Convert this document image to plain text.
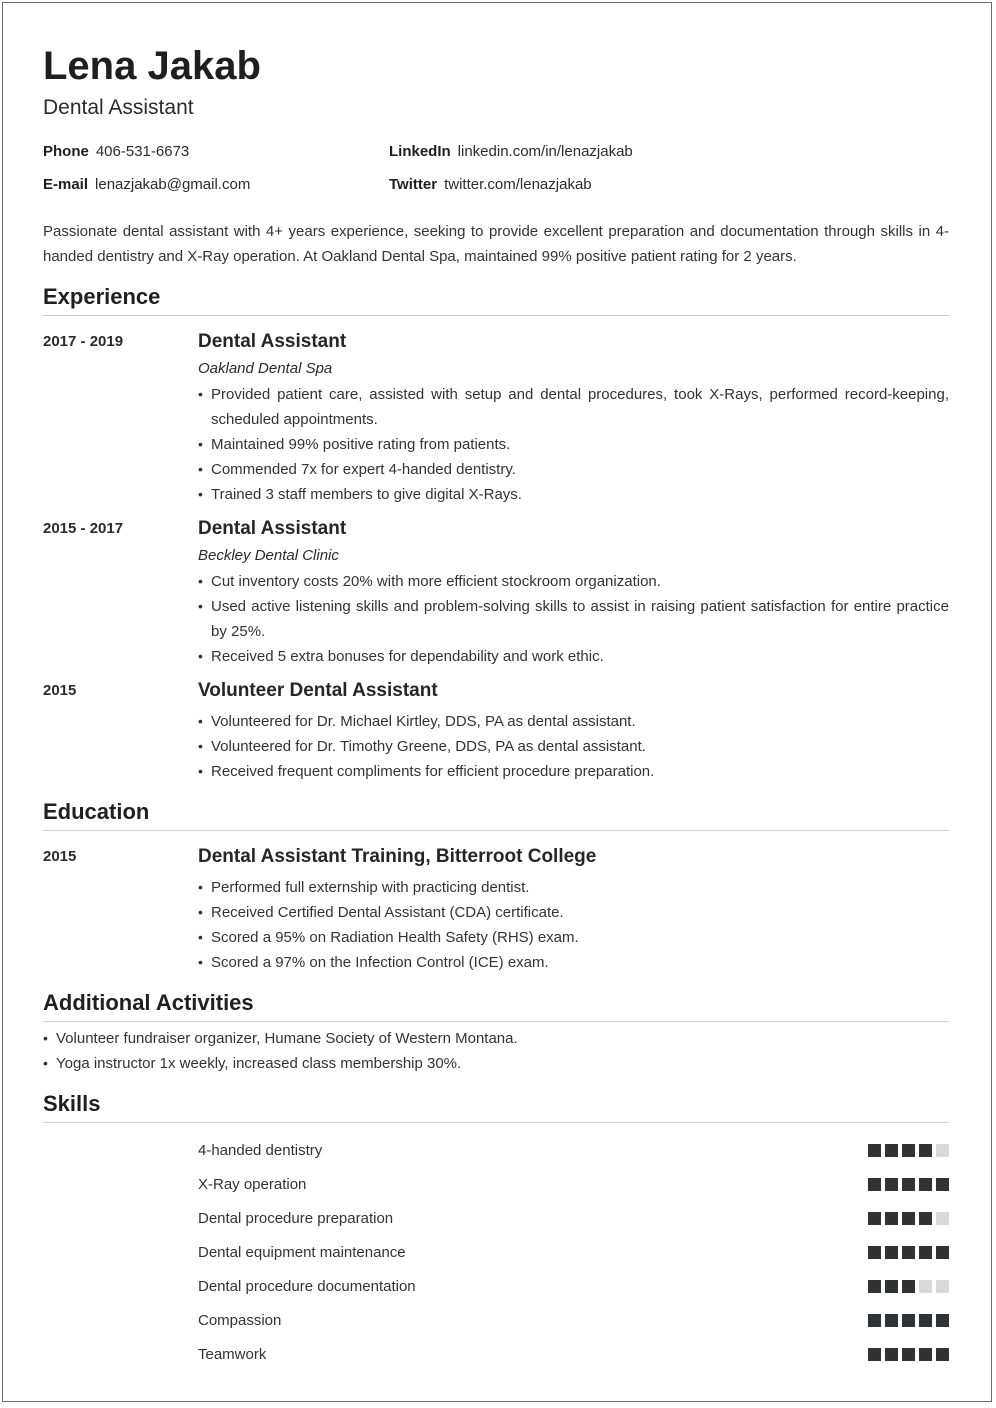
Lena Jakab
Dental Assistant
Phone 406-531-6673	LinkedIn linkedin.com/in/lenazjakab
E-mail lenazjakab@gmail.com	Twitter twitter.com/lenazjakab
Passionate dental assistant with 4+ years experience, seeking to provide excellent preparation and documentation through skills in 4-handed dentistry and X-Ray operation. At Oakland Dental Spa, maintained 99% positive patient rating for 2 years.
Experience
2017 - 2019	Dental Assistant
Oakland Dental Spa
• Provided patient care, assisted with setup and dental procedures, took X-Rays, performed record-keeping, scheduled appointments.
• Maintained 99% positive rating from patients.
• Commended 7x for expert 4-handed dentistry.
• Trained 3 staff members to give digital X-Rays.
2015 - 2017	Dental Assistant
Beckley Dental Clinic
• Cut inventory costs 20% with more efficient stockroom organization.
• Used active listening skills and problem-solving skills to assist in raising patient satisfaction for entire practice by 25%.
• Received 5 extra bonuses for dependability and work ethic.
2015	Volunteer Dental Assistant
• Volunteered for Dr. Michael Kirtley, DDS, PA as dental assistant.
• Volunteered for Dr. Timothy Greene, DDS, PA as dental assistant.
• Received frequent compliments for efficient procedure preparation.
Education
2015	Dental Assistant Training, Bitterroot College
• Performed full externship with practicing dentist.
• Received Certified Dental Assistant (CDA) certificate.
• Scored a 95% on Radiation Health Safety (RHS) exam.
• Scored a 97% on the Infection Control (ICE) exam.
Additional Activities
• Volunteer fundraiser organizer, Humane Society of Western Montana.
• Yoga instructor 1x weekly, increased class membership 30%.
Skills
4-handed dentistry
X-Ray operation
Dental procedure preparation
Dental equipment maintenance
Dental procedure documentation
Compassion
Teamwork
